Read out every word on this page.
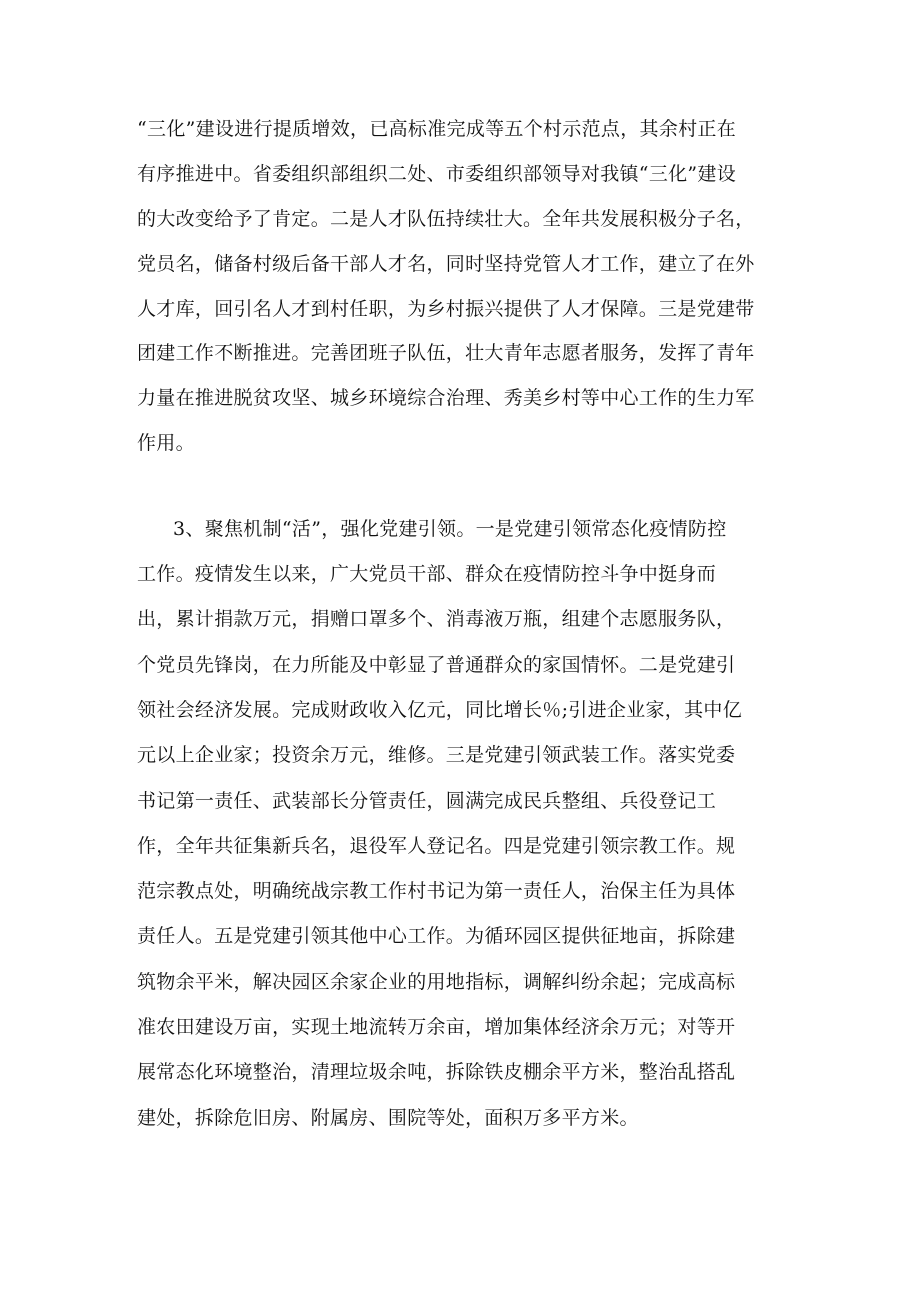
“三化”建设进行提质增效，已高标准完成等五个村示范点，其余村正在
有序推进中。省委组织部组织二处、市委组织部领导对我镇“三化”建设
的大改变给予了肯定。二是人才队伍持续壮大。全年共发展积极分子名，
党员名，储备村级后备干部人才名，同时坚持党管人才工作，建立了在外
人才库，回引名人才到村任职，为乡村振兴提供了人才保障。三是党建带
团建工作不断推进。完善团班子队伍，壮大青年志愿者服务，发挥了青年
力量在推进脱贫攻坚、城乡环境综合治理、秀美乡村等中心工作的生力军
作用。
3、聚焦机制“活”，强化党建引领。一是党建引领常态化疫情防控
工作。疫情发生以来，广大党员干部、群众在疫情防控斗争中挺身而
出，累计捐款万元，捐赠口罩多个、消毒液万瓶，组建个志愿服务队，
个党员先锋岗，在力所能及中彰显了普通群众的家国情怀。二是党建引
领社会经济发展。完成财政收入亿元，同比增长％;引进企业家，其中亿
元以上企业家；投资余万元，维修。三是党建引领武装工作。落实党委
书记第一责任、武装部长分管责任，圆满完成民兵整组、兵役登记工
作，全年共征集新兵名，退役军人登记名。四是党建引领宗教工作。规
范宗教点处，明确统战宗教工作村书记为第一责任人，治保主任为具体
责任人。五是党建引领其他中心工作。为循环园区提供征地亩，拆除建
筑物余平米，解决园区余家企业的用地指标，调解纠纷余起；完成高标
准农田建设万亩，实现土地流转万余亩，增加集体经济余万元；对等开
展常态化环境整治，清理垃圾余吨，拆除铁皮棚余平方米，整治乱搭乱
建处，拆除危旧房、附属房、围院等处，面积万多平方米。
